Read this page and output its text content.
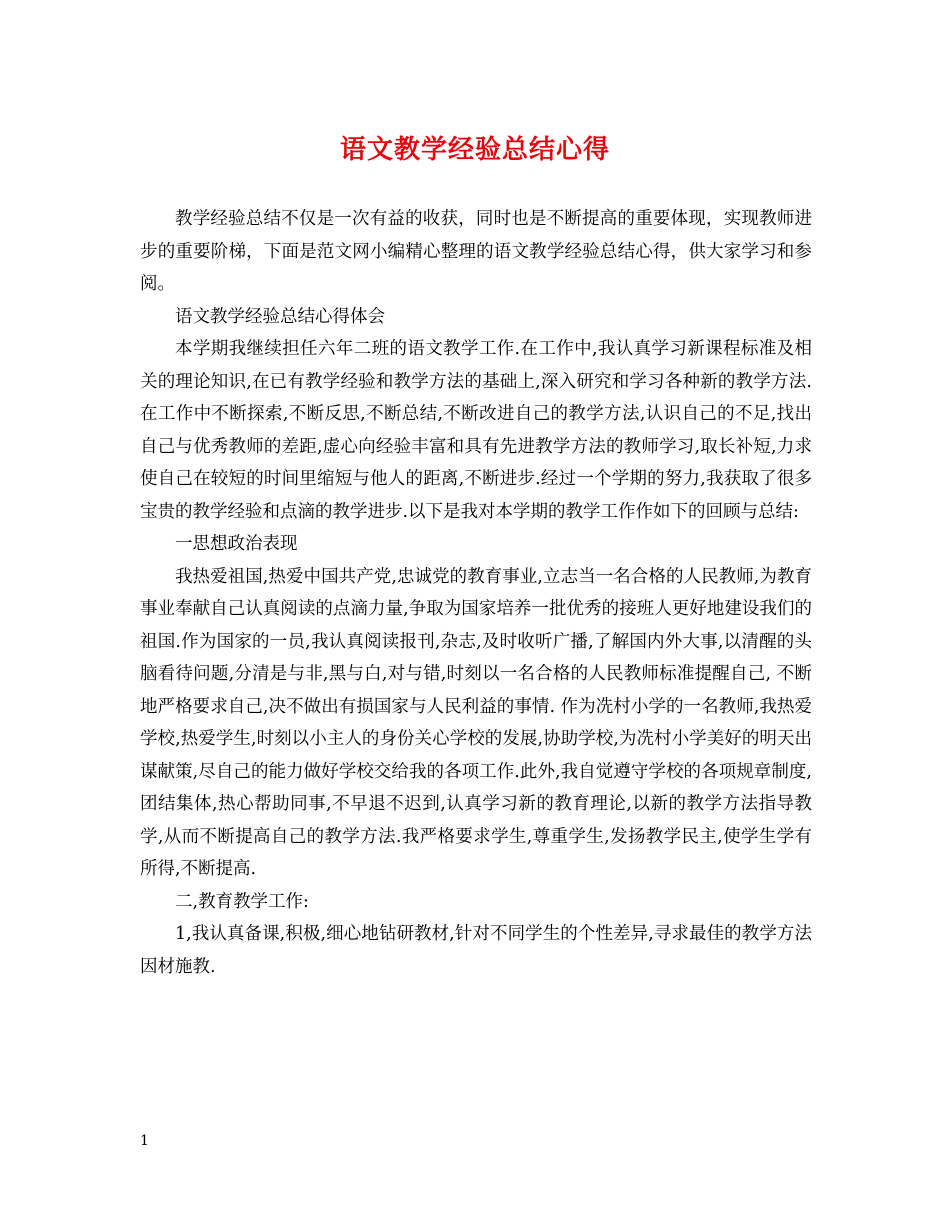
语文教学经验总结心得

教学经验总结不仅是一次有益的收获，同时也是不断提高的重要体现，实现教师进步的重要阶梯，下面是范文网小编精心整理的语文教学经验总结心得，供大家学习和参阅。

语文教学经验总结心得体会

本学期我继续担任六年二班的语文教学工作.在工作中,我认真学习新课程标准及相关的理论知识,在已有教学经验和教学方法的基础上,深入研究和学习各种新的教学方法.在工作中不断探索,不断反思,不断总结,不断改进自己的教学方法,认识自己的不足,找出自己与优秀教师的差距,虚心向经验丰富和具有先进教学方法的教师学习,取长补短,力求使自己在较短的时间里缩短与他人的距离,不断进步.经过一个学期的努力,我获取了很多宝贵的教学经验和点滴的教学进步.以下是我对本学期的教学工作作如下的回顾与总结:

一思想政治表现

我热爱祖国,热爱中国共产党,忠诚党的教育事业,立志当一名合格的人民教师,为教育事业奉献自己认真阅读的点滴力量,争取为国家培养一批优秀的接班人更好地建设我们的祖国.作为国家的一员,我认真阅读报刊,杂志,及时收听广播,了解国内外大事,以清醒的头脑看待问题,分清是与非,黑与白,对与错,时刻以一名合格的人民教师标准提醒自己, 不断地严格要求自己,决不做出有损国家与人民利益的事情. 作为冼村小学的一名教师,我热爱学校,热爱学生,时刻以小主人的身份关心学校的发展,协助学校,为冼村小学美好的明天出谋献策,尽自己的能力做好学校交给我的各项工作.此外,我自觉遵守学校的各项规章制度,团结集体,热心帮助同事,不早退不迟到,认真学习新的教育理论,以新的教学方法指导教学,从而不断提高自己的教学方法.我严格要求学生,尊重学生,发扬教学民主,使学生学有所得,不断提高.

二,教育教学工作:

1,我认真备课,积极,细心地钻研教材,针对不同学生的个性差异,寻求最佳的教学方法因材施教.

1
